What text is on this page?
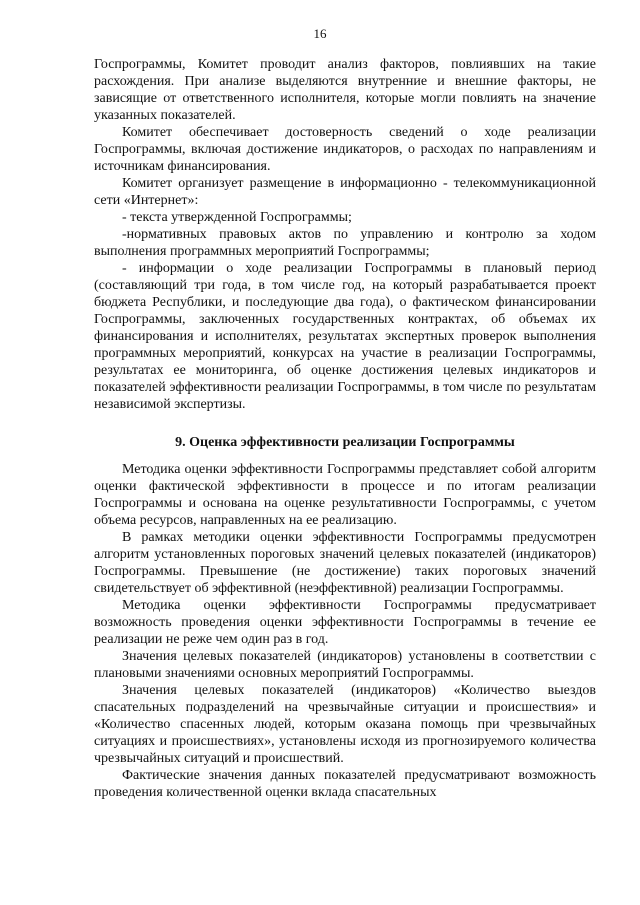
16

Госпрограммы, Комитет проводит анализ факторов, повлиявших на такие расхождения. При анализе выделяются внутренние и внешние факторы, не зависящие от ответственного исполнителя, которые могли повлиять на значение указанных показателей.

Комитет обеспечивает достоверность сведений о ходе реализации Госпрограммы, включая достижение индикаторов, о расходах по направлениям и источникам финансирования.

Комитет организует размещение в информационно - телекоммуникационной сети «Интернет»:

- текста утвержденной Госпрограммы;

-нормативных правовых актов по управлению и контролю за ходом выполнения программных мероприятий Госпрограммы;

- информации о ходе реализации Госпрограммы в плановый период (составляющий три года, в том числе год, на который разрабатывается проект бюджета Республики, и последующие два года), о фактическом финансировании Госпрограммы, заключенных государственных контрактах, об объемах их финансирования и исполнителях, результатах экспертных проверок выполнения программных мероприятий, конкурсах на участие в реализации Госпрограммы, результатах ее мониторинга, об оценке достижения целевых индикаторов и показателей эффективности реализации Госпрограммы, в том числе по результатам независимой экспертизы.

9. Оценка эффективности реализации Госпрограммы

Методика оценки эффективности Госпрограммы представляет собой алгоритм оценки фактической эффективности в процессе и по итогам реализации Госпрограммы и основана на оценке результативности Госпрограммы, с учетом объема ресурсов, направленных на ее реализацию.

В рамках методики оценки эффективности Госпрограммы предусмотрен алгоритм установленных пороговых значений целевых показателей (индикаторов) Госпрограммы. Превышение (не достижение) таких пороговых значений свидетельствует об эффективной (неэффективной) реализации Госпрограммы.

Методика оценки эффективности Госпрограммы предусматривает возможность проведения оценки эффективности Госпрограммы в течение ее реализации не реже чем один раз в год.

Значения целевых показателей (индикаторов) установлены в соответствии с плановыми значениями основных мероприятий Госпрограммы.

Значения целевых показателей (индикаторов) «Количество выездов спасательных подразделений на чрезвычайные ситуации и происшествия» и «Количество спасенных людей, которым оказана помощь при чрезвычайных ситуациях и происшествиях», установлены исходя из прогнозируемого количества чрезвычайных ситуаций и происшествий.

Фактические значения данных показателей предусматривают возможность проведения количественной оценки вклада спасательных
